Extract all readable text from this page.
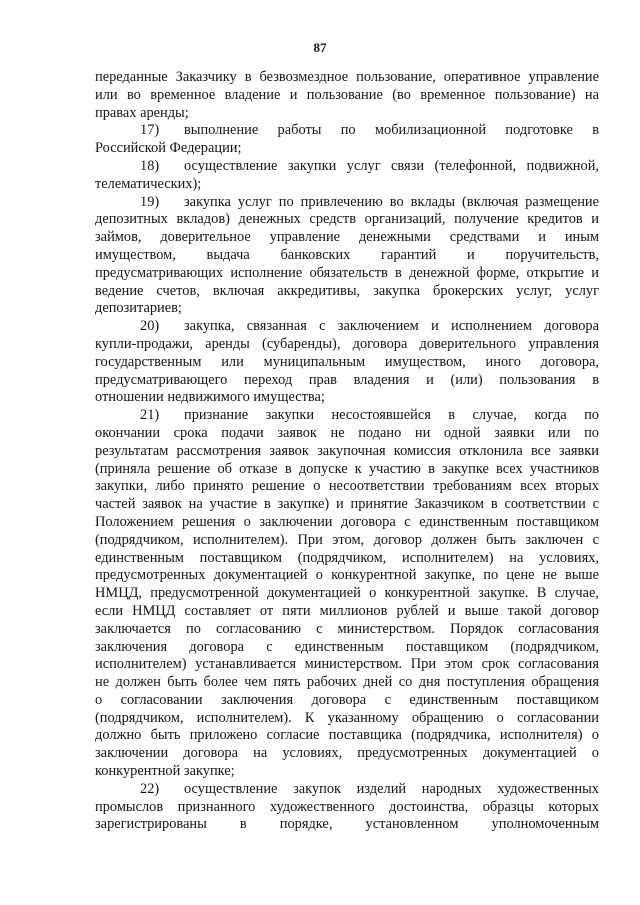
87
переданные Заказчику в безвозмездное пользование, оперативное управление
или во временное владение и пользование (во временное пользование) на
правах аренды;
17) выполнение работы по мобилизационной подготовке в
Российской Федерации;
18) осуществление закупки услуг связи (телефонной, подвижной,
телематических);
19) закупка услуг по привлечению во вклады (включая размещение
депозитных вкладов) денежных средств организаций, получение кредитов и
займов, доверительное управление денежными средствами и иным
имуществом, выдача банковских гарантий и поручительств,
предусматривающих исполнение обязательств в денежной форме, открытие и
ведение счетов, включая аккредитивы, закупка брокерских услуг, услуг
депозитариев;
20) закупка, связанная с заключением и исполнением договора
купли-продажи, аренды (субаренды), договора доверительного управления
государственным или муниципальным имуществом, иного договора,
предусматривающего переход прав владения и (или) пользования в
отношении недвижимого имущества;
21) признание закупки несостоявшейся в случае, когда по
окончании срока подачи заявок не подано ни одной заявки или по
результатам рассмотрения заявок закупочная комиссия отклонила все заявки
(приняла решение об отказе в допуске к участию в закупке всех участников
закупки, либо принято решение о несоответствии требованиям всех вторых
частей заявок на участие в закупке) и принятие Заказчиком в соответствии с
Положением решения о заключении договора с единственным поставщиком
(подрядчиком, исполнителем). При этом, договор должен быть заключен с
единственным поставщиком (подрядчиком, исполнителем) на условиях,
предусмотренных документацией о конкурентной закупке, по цене не выше
НМЦД, предусмотренной документацией о конкурентной закупке. В случае,
если НМЦД составляет от пяти миллионов рублей и выше такой договор
заключается по согласованию с министерством. Порядок согласования
заключения договора с единственным поставщиком (подрядчиком,
исполнителем) устанавливается министерством. При этом срок согласования
не должен быть более чем пять рабочих дней со дня поступления обращения
о согласовании заключения договора с единственным поставщиком
(подрядчиком, исполнителем). К указанному обращению о согласовании
должно быть приложено согласие поставщика (подрядчика, исполнителя) о
заключении договора на условиях, предусмотренных документацией о
конкурентной закупке;
22) осуществление закупок изделий народных художественных
промыслов признанного художественного достоинства, образцы которых
зарегистрированы в порядке, установленном уполномоченным
